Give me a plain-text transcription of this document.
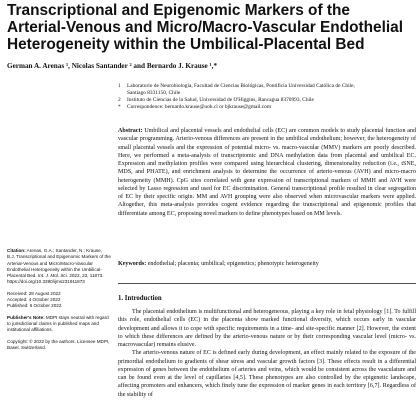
Transcriptional and Epigenomic Markers of the Arterial-Venous and Micro/Macro-Vascular Endothelial Heterogeneity within the Umbilical-Placental Bed
German A. Arenas ¹, Nicolas Santander ² and Bernardo J. Krause ¹,*
1	Laboratorio de Neurobiología, Facultad de Ciencias Biológicas, Pontificia Universidad Católica de Chile,
Santiago 8331150, Chile
2	Instituto de Ciencias de la Salud, Universidad de O'Higgins, Rancagua 8370993, Chile
*	Correspondence: bernardo.krause@uoh.cl or bjkrause@gmail.com

Abstract: Umbilical and placental vessels and endothelial cells (EC) are common models to study placental function and vascular programming. Arterio-venous differences are present in the umbilical endothelium; however, the heterogeneity of small placental vessels and the expression of potential micro- vs. macro-vascular (MMV) markers are poorly described. Here, we performed a meta-analysis of transcriptomic and DNA methylation data from placental and umbilical EC. Expression and methylation profiles were compared using hierarchical clustering, dimensionality reduction (i.e., tSNE, MDS, and PHATE), and enrichment analysis to determine the occurrence of arterio-venous (AVH) and micro-macro heterogeneity (MMH). CpG sites correlated with gene expression of transcriptional markers of MMH and AVH were selected by Lasso regression and used for EC discrimination. General transcriptional profile resulted in clear segregation of EC by their specific origin. MM and AVH grouping were also observed when microvascular markers were applied. Altogether, this meta-analysis provides cogent evidence regarding the transcriptional and epigenomic profiles that differentiate among EC, proposing novel markers to define phenotypes based on MM levels.

Keywords: endothelial; placenta; umbilical; epigenetics; phenotypic heterogeneity

Citation: Arenas, G.A.; Santander, N.; Krause, B.J. Transcriptional and Epigenomic Markers of the Arterial-Venous and Micro/Macro-Vascular Endothelial Heterogeneity within the Umbilical-Placental Bed. Int. J. Mol. Sci. 2022, 23, 11873. https://doi.org/10.3390/ijms231911873

Received: 28 August 2022

Accepted: 4 October 2022

Published: 6 October 2022

Publisher's Note: MDPI stays neutral with regard to jurisdictional claims in published maps and institutional affiliations.

Copyright: © 2022 by the authors. Licensee MDPI, Basel, Switzerland.

1. Introduction

The placental endothelium is multifunctional and heterogeneous, playing a key role in fetal physiology [1]. To fulfill this role, endothelial cells (EC) in the placenta show marked functional diversity, which occurs early in vascular development and allows it to cope with specific requirements in a time- and site-specific manner [2]. However, the extent to which these differences are defined by the arterio-venous nature or by their corresponding vascular level (micro- vs. macrovascular) remains elusive.

The arterio-venous nature of EC is defined early during development, an effect mainly related to the exposure of the primordial endothelium to gradients of shear stress and vascular growth factors [3]. These effects result in a differential expression of genes between the endothelium of arteries and veins, which would be consistent across the vasculature and can be found even at the level of capillaries [4,5]. These phenotypes are also controlled by the epigenetic landscape, affecting promoters and enhancers, which finely tune the expression of marker genes in each territory [6,7]. Regardless of the stability of
